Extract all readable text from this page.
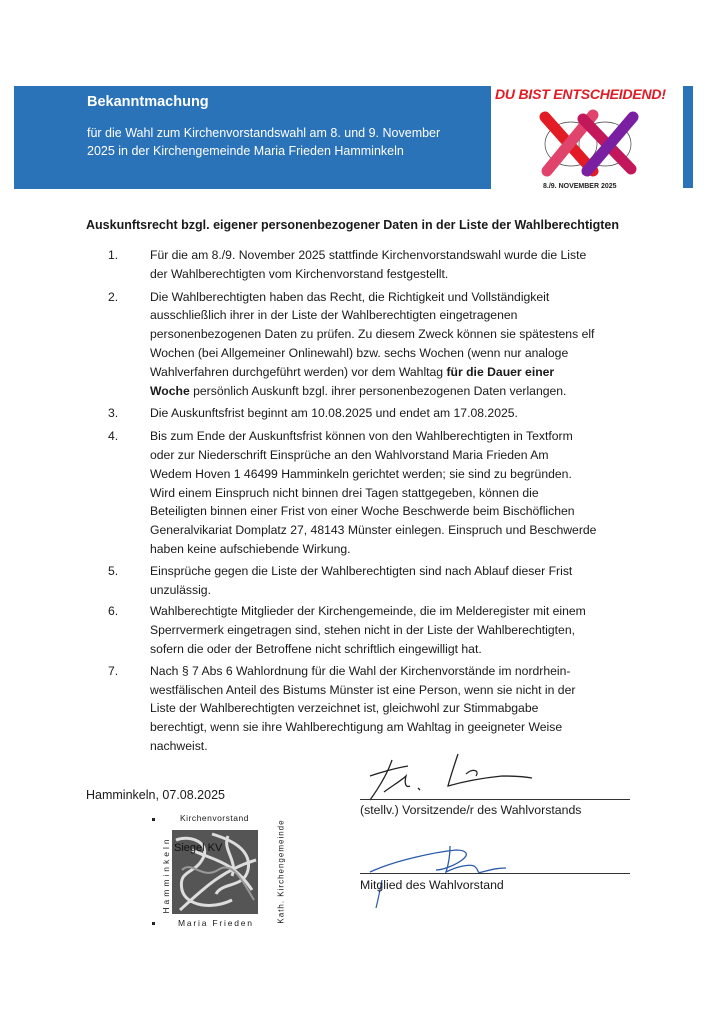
Bekanntmachung
für die Wahl zum Kirchenvorstandswahl am 8. und 9. November
2025 in der Kirchengemeinde Maria Frieden Hamminkeln
DU BIST ENTSCHEIDEND!
8./9. NOVEMBER 2025
Auskunftsrecht bzgl. eigener personenbezogener Daten in der Liste der Wahlberechtigten
1.	Für die am 8./9. November 2025 stattfinde Kirchenvorstandswahl wurde die Liste
der Wahlberechtigten vom Kirchenvorstand festgestellt.
2.	Die Wahlberechtigten haben das Recht, die Richtigkeit und Vollständigkeit
ausschließlich ihrer in der Liste der Wahlberechtigten eingetragenen
personenbezogenen Daten zu prüfen. Zu diesem Zweck können sie spätestens elf
Wochen (bei Allgemeiner Onlinewahl) bzw. sechs Wochen (wenn nur analoge
Wahlverfahren durchgeführt werden) vor dem Wahltag für die Dauer einer
Woche persönlich Auskunft bzgl. ihrer personenbezogenen Daten verlangen.
3.	Die Auskunftsfrist beginnt am 10.08.2025 und endet am 17.08.2025.
4.	Bis zum Ende der Auskunftsfrist können von den Wahlberechtigten in Textform
oder zur Niederschrift Einsprüche an den Wahlvorstand Maria Frieden Am
Wedem Hoven 1 46499 Hamminkeln gerichtet werden; sie sind zu begründen.
Wird einem Einspruch nicht binnen drei Tagen stattgegeben, können die
Beteiligten binnen einer Frist von einer Woche Beschwerde beim Bischöflichen
Generalvikariat Domplatz 27, 48143 Münster einlegen. Einspruch und Beschwerde
haben keine aufschiebende Wirkung.
5.	Einsprüche gegen die Liste der Wahlberechtigten sind nach Ablauf dieser Frist
unzulässig.
6.	Wahlberechtigte Mitglieder der Kirchengemeinde, die im Melderegister mit einem
Sperrvermerk eingetragen sind, stehen nicht in der Liste der Wahlberechtigten,
sofern die oder der Betroffene nicht schriftlich eingewilligt hat.
7.	Nach § 7 Abs 6 Wahlordnung für die Wahl der Kirchenvorstände im nordrhein-
westfälischen Anteil des Bistums Münster ist eine Person, wenn sie nicht in der
Liste der Wahlberechtigten verzeichnet ist, gleichwohl zur Stimmabgabe
berechtigt, wenn sie ihre Wahlberechtigung am Wahltag in geeigneter Weise
nachweist.
Hamminkeln, 07.08.2025
(stellv.) Vorsitzende/r des Wahlvorstands
Mitglied des Wahlvorstand
Kirchenvorstand
Hamminkeln	Kath. Kirchengemeinde
Siegel KV
Maria Frieden
